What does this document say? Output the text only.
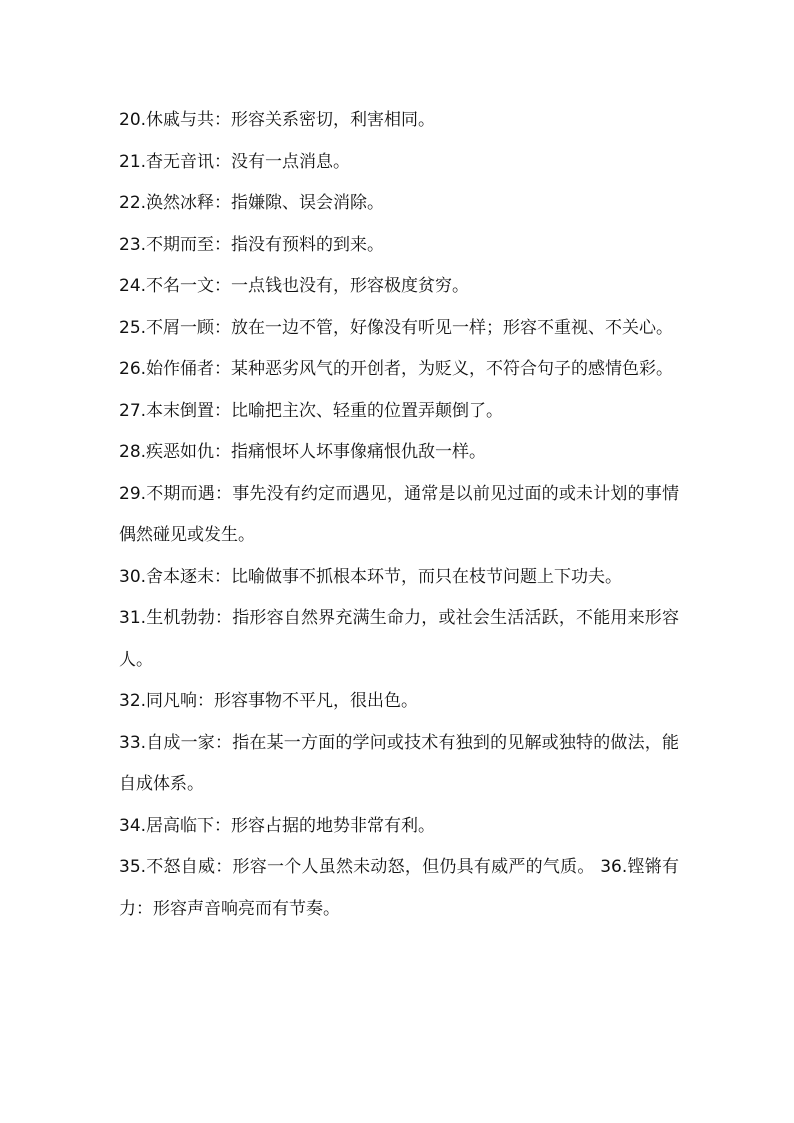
20.休戚与共：形容关系密切，利害相同。

21.杳无音讯：没有一点消息。

22.涣然冰释：指嫌隙、误会消除。

23.不期而至：指没有预料的到来。

24.不名一文：一点钱也没有，形容极度贫穷。

25.不屑一顾：放在一边不管，好像没有听见一样；形容不重视、不关心。

26.始作俑者：某种恶劣风气的开创者，为贬义，不符合句子的感情色彩。

27.本末倒置：比喻把主次、轻重的位置弄颠倒了。

28.疾恶如仇：指痛恨坏人坏事像痛恨仇敌一样。

29.不期而遇：事先没有约定而遇见，通常是以前见过面的或未计划的事情偶然碰见或发生。

30.舍本逐末：比喻做事不抓根本环节，而只在枝节问题上下功夫。

31.生机勃勃：指形容自然界充满生命力，或社会生活活跃，不能用来形容人。

32.同凡响：形容事物不平凡，很出色。

33.自成一家：指在某一方面的学问或技术有独到的见解或独特的做法，能自成体系。

34.居高临下：形容占据的地势非常有利。

35.不怒自威：形容一个人虽然未动怒，但仍具有威严的气质。 36.铿锵有力：形容声音响亮而有节奏。
